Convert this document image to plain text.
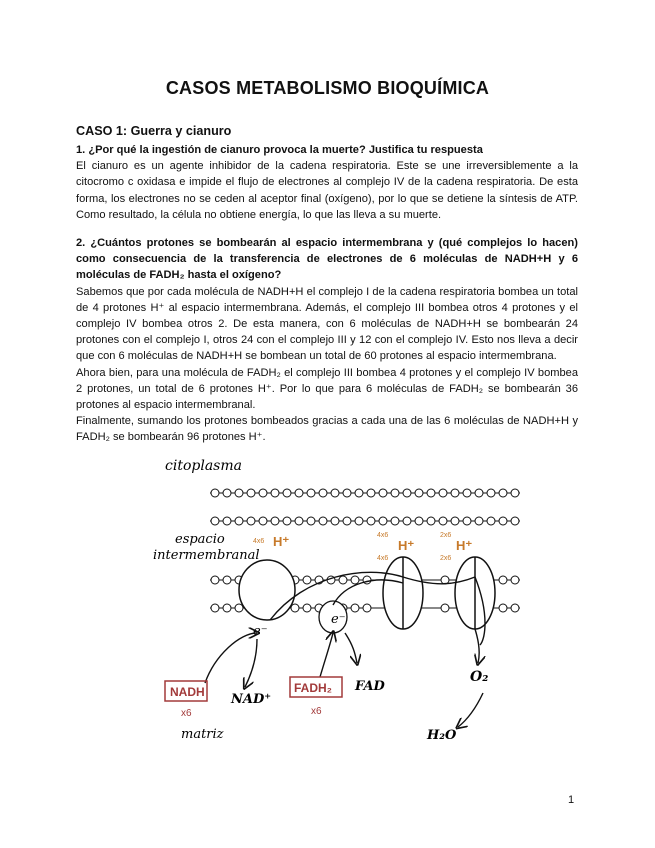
CASOS METABOLISMO BIOQUÍMICA
CASO 1: Guerra y cianuro

1. ¿Por qué la ingestión de cianuro provoca la muerte? Justifica tu respuesta

El cianuro es un agente inhibidor de la cadena respiratoria. Este se une irreversiblemente a la citocromo c oxidasa e impide el flujo de electrones al complejo IV de la cadena respiratoria. De esta forma, los electrones no se ceden al aceptor final (oxígeno), por lo que se detiene la síntesis de ATP. Como resultado, la célula no obtiene energía, lo que las lleva a su muerte.

2. ¿Cuántos protones se bombearán al espacio intermembrana y (qué complejos lo hacen) como consecuencia de la transferencia de electrones de 6 moléculas de NADH+H y 6 moléculas de FADH₂ hasta el oxígeno?

Sabemos que por cada molécula de NADH+H el complejo I de la cadena respiratoria bombea un total de 4 protones H⁺ al espacio intermembrana. Además, el complejo III bombea otros 4 protones y el complejo IV bombea otros 2. De esta manera, con 6 moléculas de NADH+H se bombearán 24 protones con el complejo I, otros 24 con el complejo III y 12 con el complejo IV. Esto nos lleva a decir que con 6 moléculas de NADH+H se bombean un total de 60 protones al espacio intermembrana.

Ahora bien, para una molécula de FADH₂ el complejo III bombea 4 protones y el complejo IV bombea 2 protones, un total de 6 protones H⁺. Por lo que para 6 moléculas de FADH₂ se bombearán 36 protones al espacio intermembranal.

Finalmente, sumando los protones bombeados gracias a cada una de las 6 moléculas de NADH+H y FADH₂ se bombearán 96 protones H⁺.

citoplasma
espacio
intermembranal
4x6 H⁺	4x6
4x6
H⁺
2x6
2x6
H⁺
e⁻
e⁻
NADH
x6
NAD⁺
FADH₂
x6
FAD
O₂
H₂O
matriz
1
